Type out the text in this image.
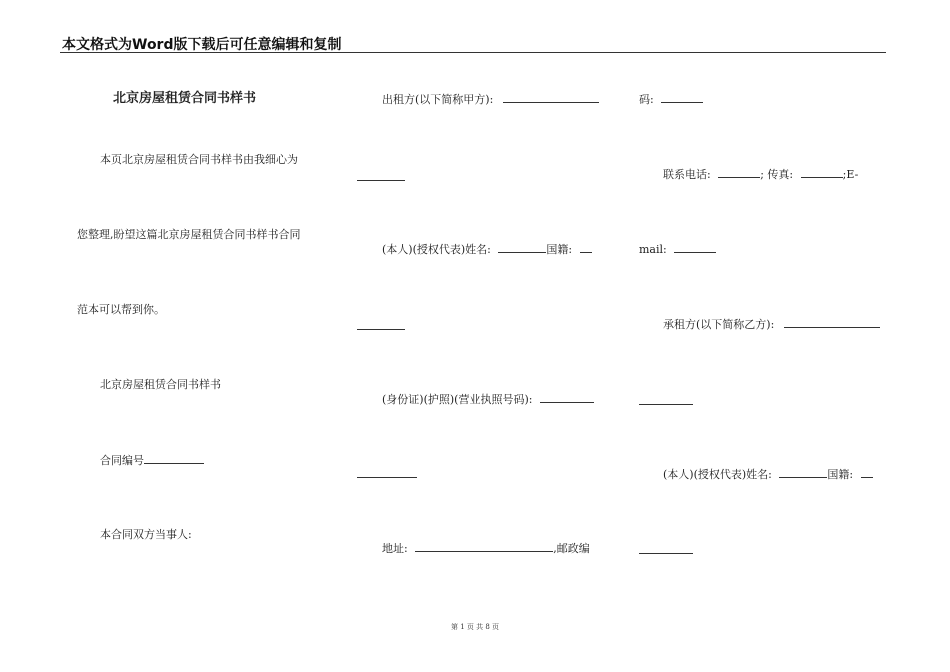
本文格式为Word版下载后可任意编辑和复制
北京房屋租赁合同书样书
本页北京房屋租赁合同书样书由我细心为
您整理,盼望这篇北京房屋租赁合同书样书合同
范本可以帮到你。
北京房屋租赁合同书样书
合同编号
本合同双方当事人:
出租方(以下简称甲方):
(本人)(授权代表)姓名:	国籍:
(身份证)(护照)(营业执照号码):
地址:	,邮政编
码:
联系电话:	; 传真:	;E-
mail:
承租方(以下简称乙方):
(本人)(授权代表)姓名:	国籍:
第 1 页 共 8 页
